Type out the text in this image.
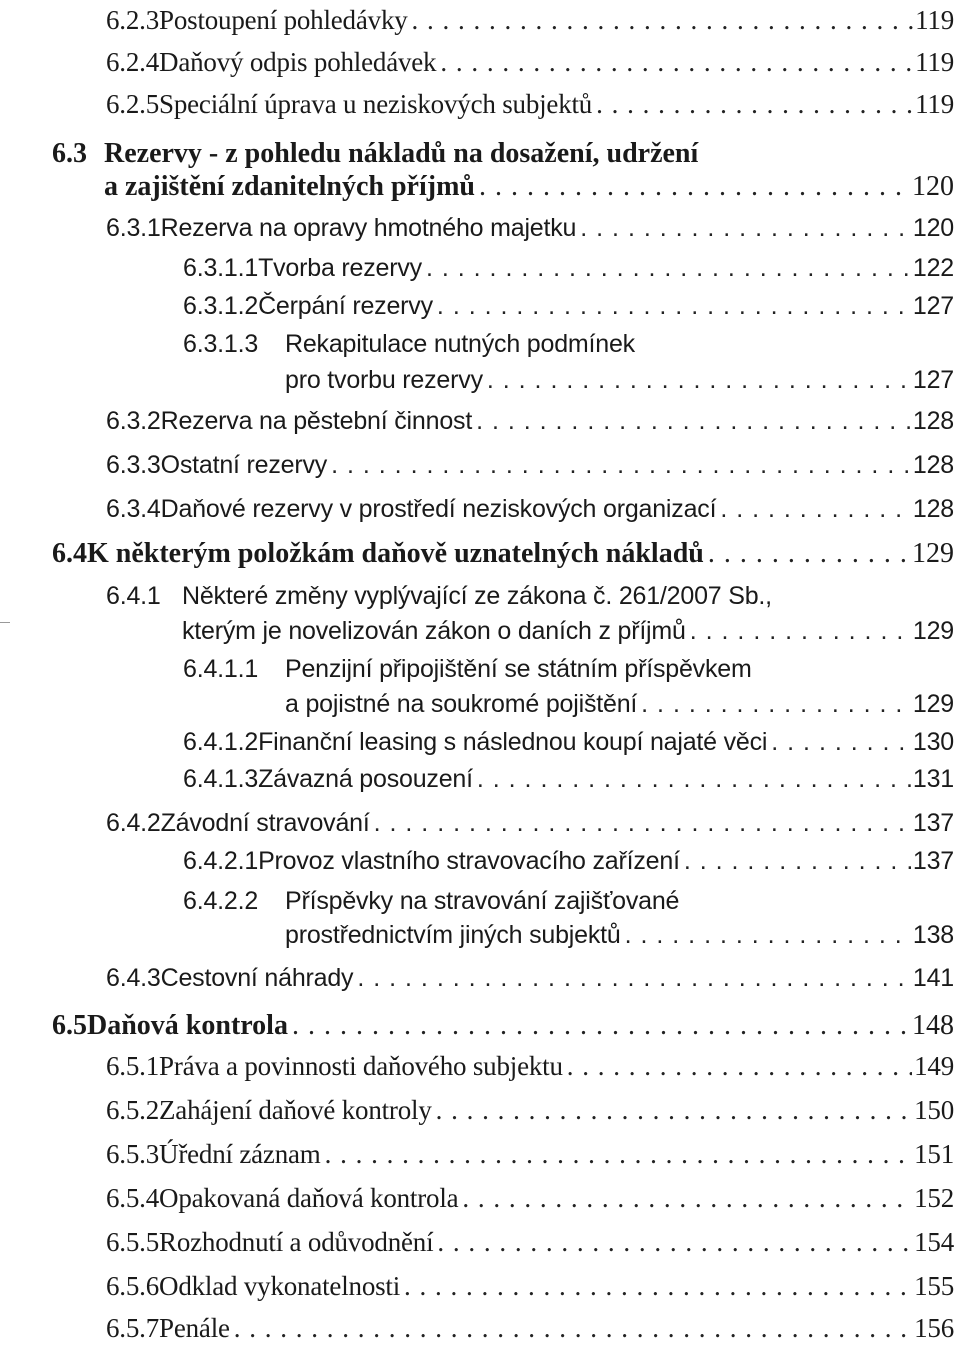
6.2.3 Postoupení pohledávky . . .	119
6.2.4 Daňový odpis pohledávek . . .	119
6.2.5 Speciální úprava u neziskových subjektů . . .	119
6.3 Rezervy - z pohledu nákladů na dosažení, udržení
a zajištění zdanitelných příjmů . . .	120
6.3.1 Rezerva na opravy hmotného majetku . . .	120
6.3.1.1 Tvorba rezervy . . .	122
6.3.1.2 Čerpání rezervy . . .	127
6.3.1.3	Rekapitulace nutných podmínek
pro tvorbu rezervy . . .	127
6.3.2 Rezerva na pěstební činnost . . .	128
6.3.3 Ostatní rezervy . . .	128
6.3.4 Daňové rezervy v prostředí neziskových organizací . . .	128
6.4 K některým položkám daňově uznatelných nákladů . . .	129
6.4.1 Některé změny vyplývající ze zákona č. 261/2007 Sb.,
kterým je novelizován zákon o daních z příjmů . . .	129
6.4.1.1	Penzijní připojištění se státním příspěvkem
a pojistné na soukromé pojištění . . .	129
6.4.1.2 Finanční leasing s následnou koupí najaté věci . . .	130
6.4.1.3 Závazná posouzení . . .	131
6.4.2 Závodní stravování . . .	137
6.4.2.1 Provoz vlastního stravovacího zařízení . . .	137
6.4.2.2	Příspěvky na stravování zajišťované
prostřednictvím jiných subjektů . . .	138
6.4.3 Cestovní náhrady . . .	141
6.5 Daňová kontrola . . .	148
6.5.1 Práva a povinnosti daňového subjektu . . .	149
6.5.2 Zahájení daňové kontroly . . .	150
6.5.3 Úřední záznam . . .	151
6.5.4 Opakovaná daňová kontrola . . .	152
6.5.5 Rozhodnutí a odůvodnění . . .	154
6.5.6 Odklad vykonatelnosti . . .	155
6.5.7 Penále . . .	156
